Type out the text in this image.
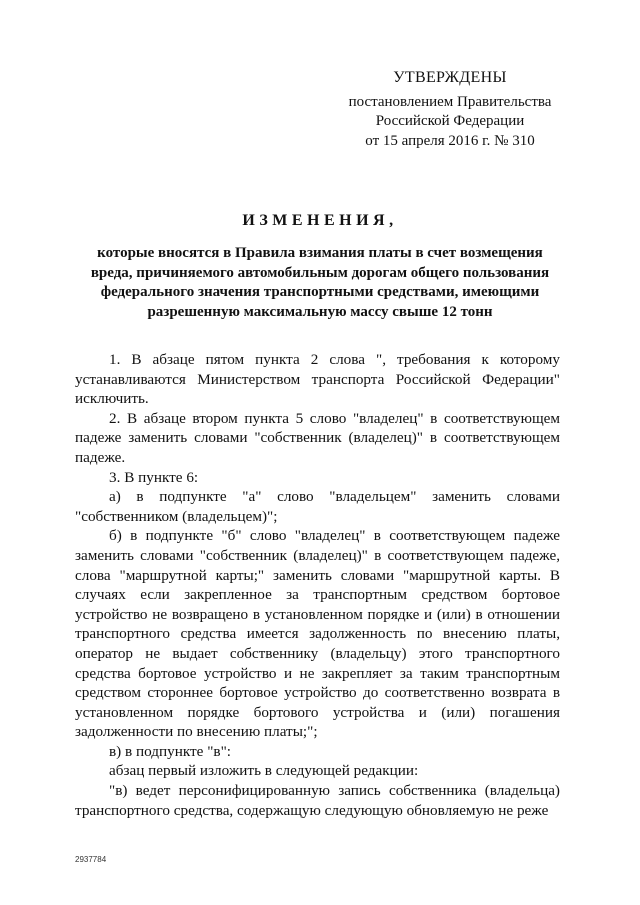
УТВЕРЖДЕНЫ
постановлением Правительства
Российской Федерации
от 15 апреля 2016 г. № 310
ИЗМЕНЕНИЯ,
которые вносятся в Правила взимания платы в счет возмещения вреда, причиняемого автомобильным дорогам общего пользования федерального значения транспортными средствами, имеющими разрешенную максимальную массу свыше 12 тонн

1. В абзаце пятом пункта 2 слова ", требования к которому устанавливаются Министерством транспорта Российской Федерации" исключить.

2. В абзаце втором пункта 5 слово "владелец" в соответствующем падеже заменить словами "собственник (владелец)" в соответствующем падеже.

3. В пункте 6:

а) в подпункте "а" слово "владельцем" заменить словами "собственником (владельцем)";

б) в подпункте "б" слово "владелец" в соответствующем падеже заменить словами "собственник (владелец)" в соответствующем падеже, слова "маршрутной карты;" заменить словами "маршрутной карты. В случаях если закрепленное за транспортным средством бортовое устройство не возвращено в установленном порядке и (или) в отношении транспортного средства имеется задолженность по внесению платы, оператор не выдает собственнику (владельцу) этого транспортного средства бортовое устройство и не закрепляет за таким транспортным средством стороннее бортовое устройство до соответственно возврата в установленном порядке бортового устройства и (или) погашения задолженности по внесению платы;";

в) в подпункте "в":

абзац первый изложить в следующей редакции:

"в) ведет персонифицированную запись собственника (владельца) транспортного средства, содержащую следующую обновляемую не реже

2937784
